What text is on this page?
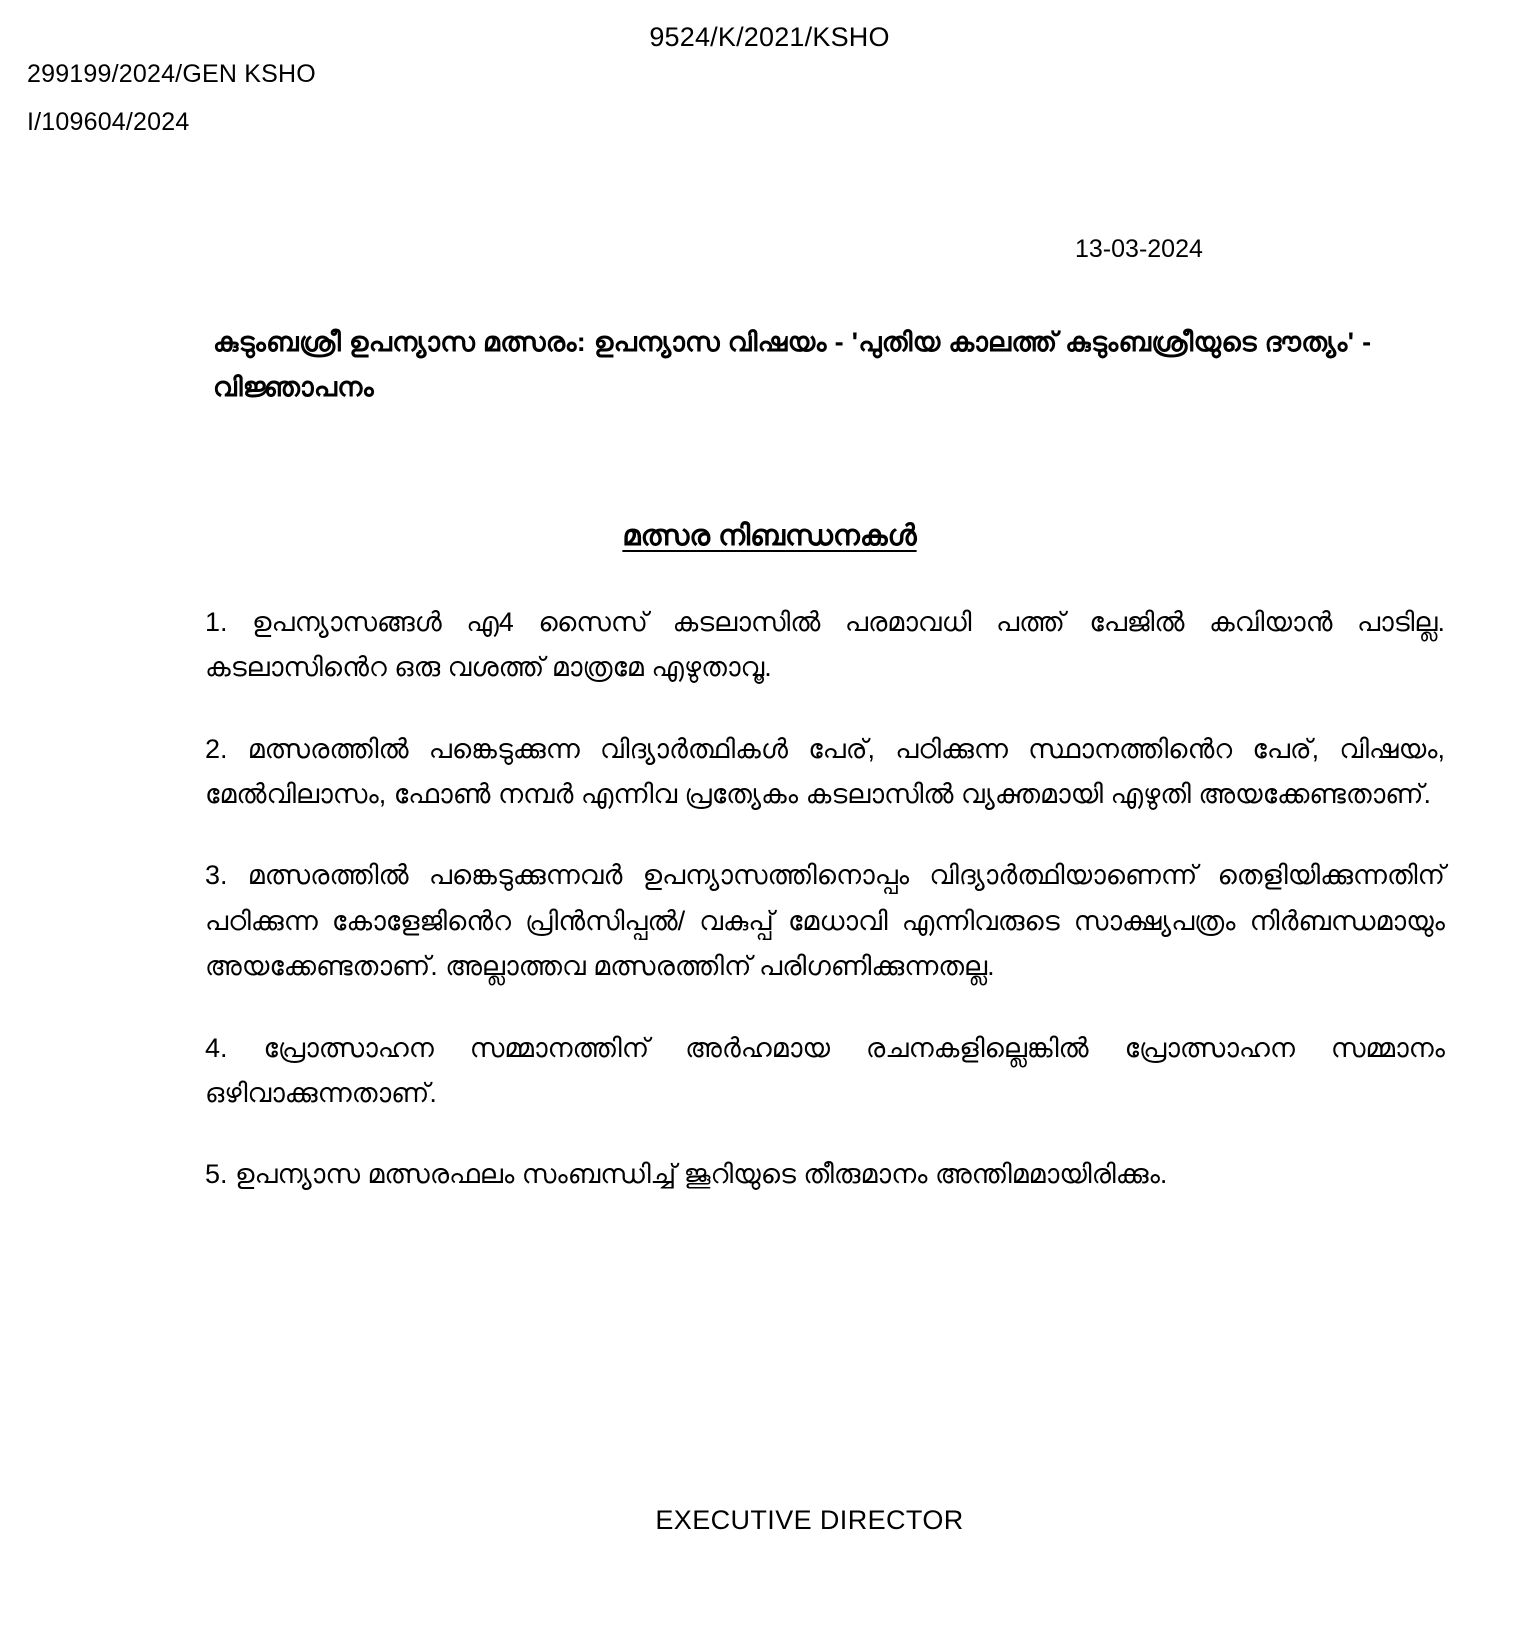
9524/K/2021/KSHO
299199/2024/GEN KSHO
I/109604/2024
13-03-2024
കുടുംബശ്രീ ഉപന്യാസ മത്സരം: ഉപന്യാസ വിഷയം - 'പുതിയ കാലത്ത് കുടുംബശ്രീയുടെ ദൗത്യം' - വിജ്ഞാപനം
മത്സര നിബന്ധനകൾ
1. ഉപന്യാസങ്ങൾ എ4 സൈസ് കടലാസിൽ പരമാവധി പത്ത് പേജിൽ കവിയാൻ പാടില്ല. കടലാസിൻെറ ഒരു വശത്ത് മാത്രമേ എഴുതാവൂ.
2. മത്സരത്തിൽ പങ്കെടുക്കുന്ന വിദ്യാർത്ഥികൾ പേര്, പഠിക്കുന്ന സ്ഥാനത്തിൻെറ പേര്, വിഷയം, മേൽവിലാസം, ഫോൺ നമ്പർ എന്നിവ പ്രത്യേകം കടലാസിൽ വ്യക്തമായി എഴുതി അയക്കേണ്ടതാണ്.
3. മത്സരത്തിൽ പങ്കെടുക്കുന്നവർ ഉപന്യാസത്തിനൊപ്പം വിദ്യാർത്ഥിയാണെന്ന് തെളിയിക്കുന്നതിന് പഠിക്കുന്ന കോളേജിൻെറ പ്രിൻസിപ്പൽ/ വകുപ്പ് മേധാവി എന്നിവരുടെ സാക്ഷ്യപത്രം നിർബന്ധമായും അയക്കേണ്ടതാണ്. അല്ലാത്തവ മത്സരത്തിന് പരിഗണിക്കുന്നതല്ല.
4. പ്രോത്സാഹന സമ്മാനത്തിന് അർഹമായ രചനകളില്ലെങ്കിൽ പ്രോത്സാഹന സമ്മാനം ഒഴിവാക്കുന്നതാണ്.
5. ഉപന്യാസ മത്സരഫലം സംബന്ധിച്ച് ജൂറിയുടെ തീരുമാനം അന്തിമമായിരിക്കും.
EXECUTIVE DIRECTOR
